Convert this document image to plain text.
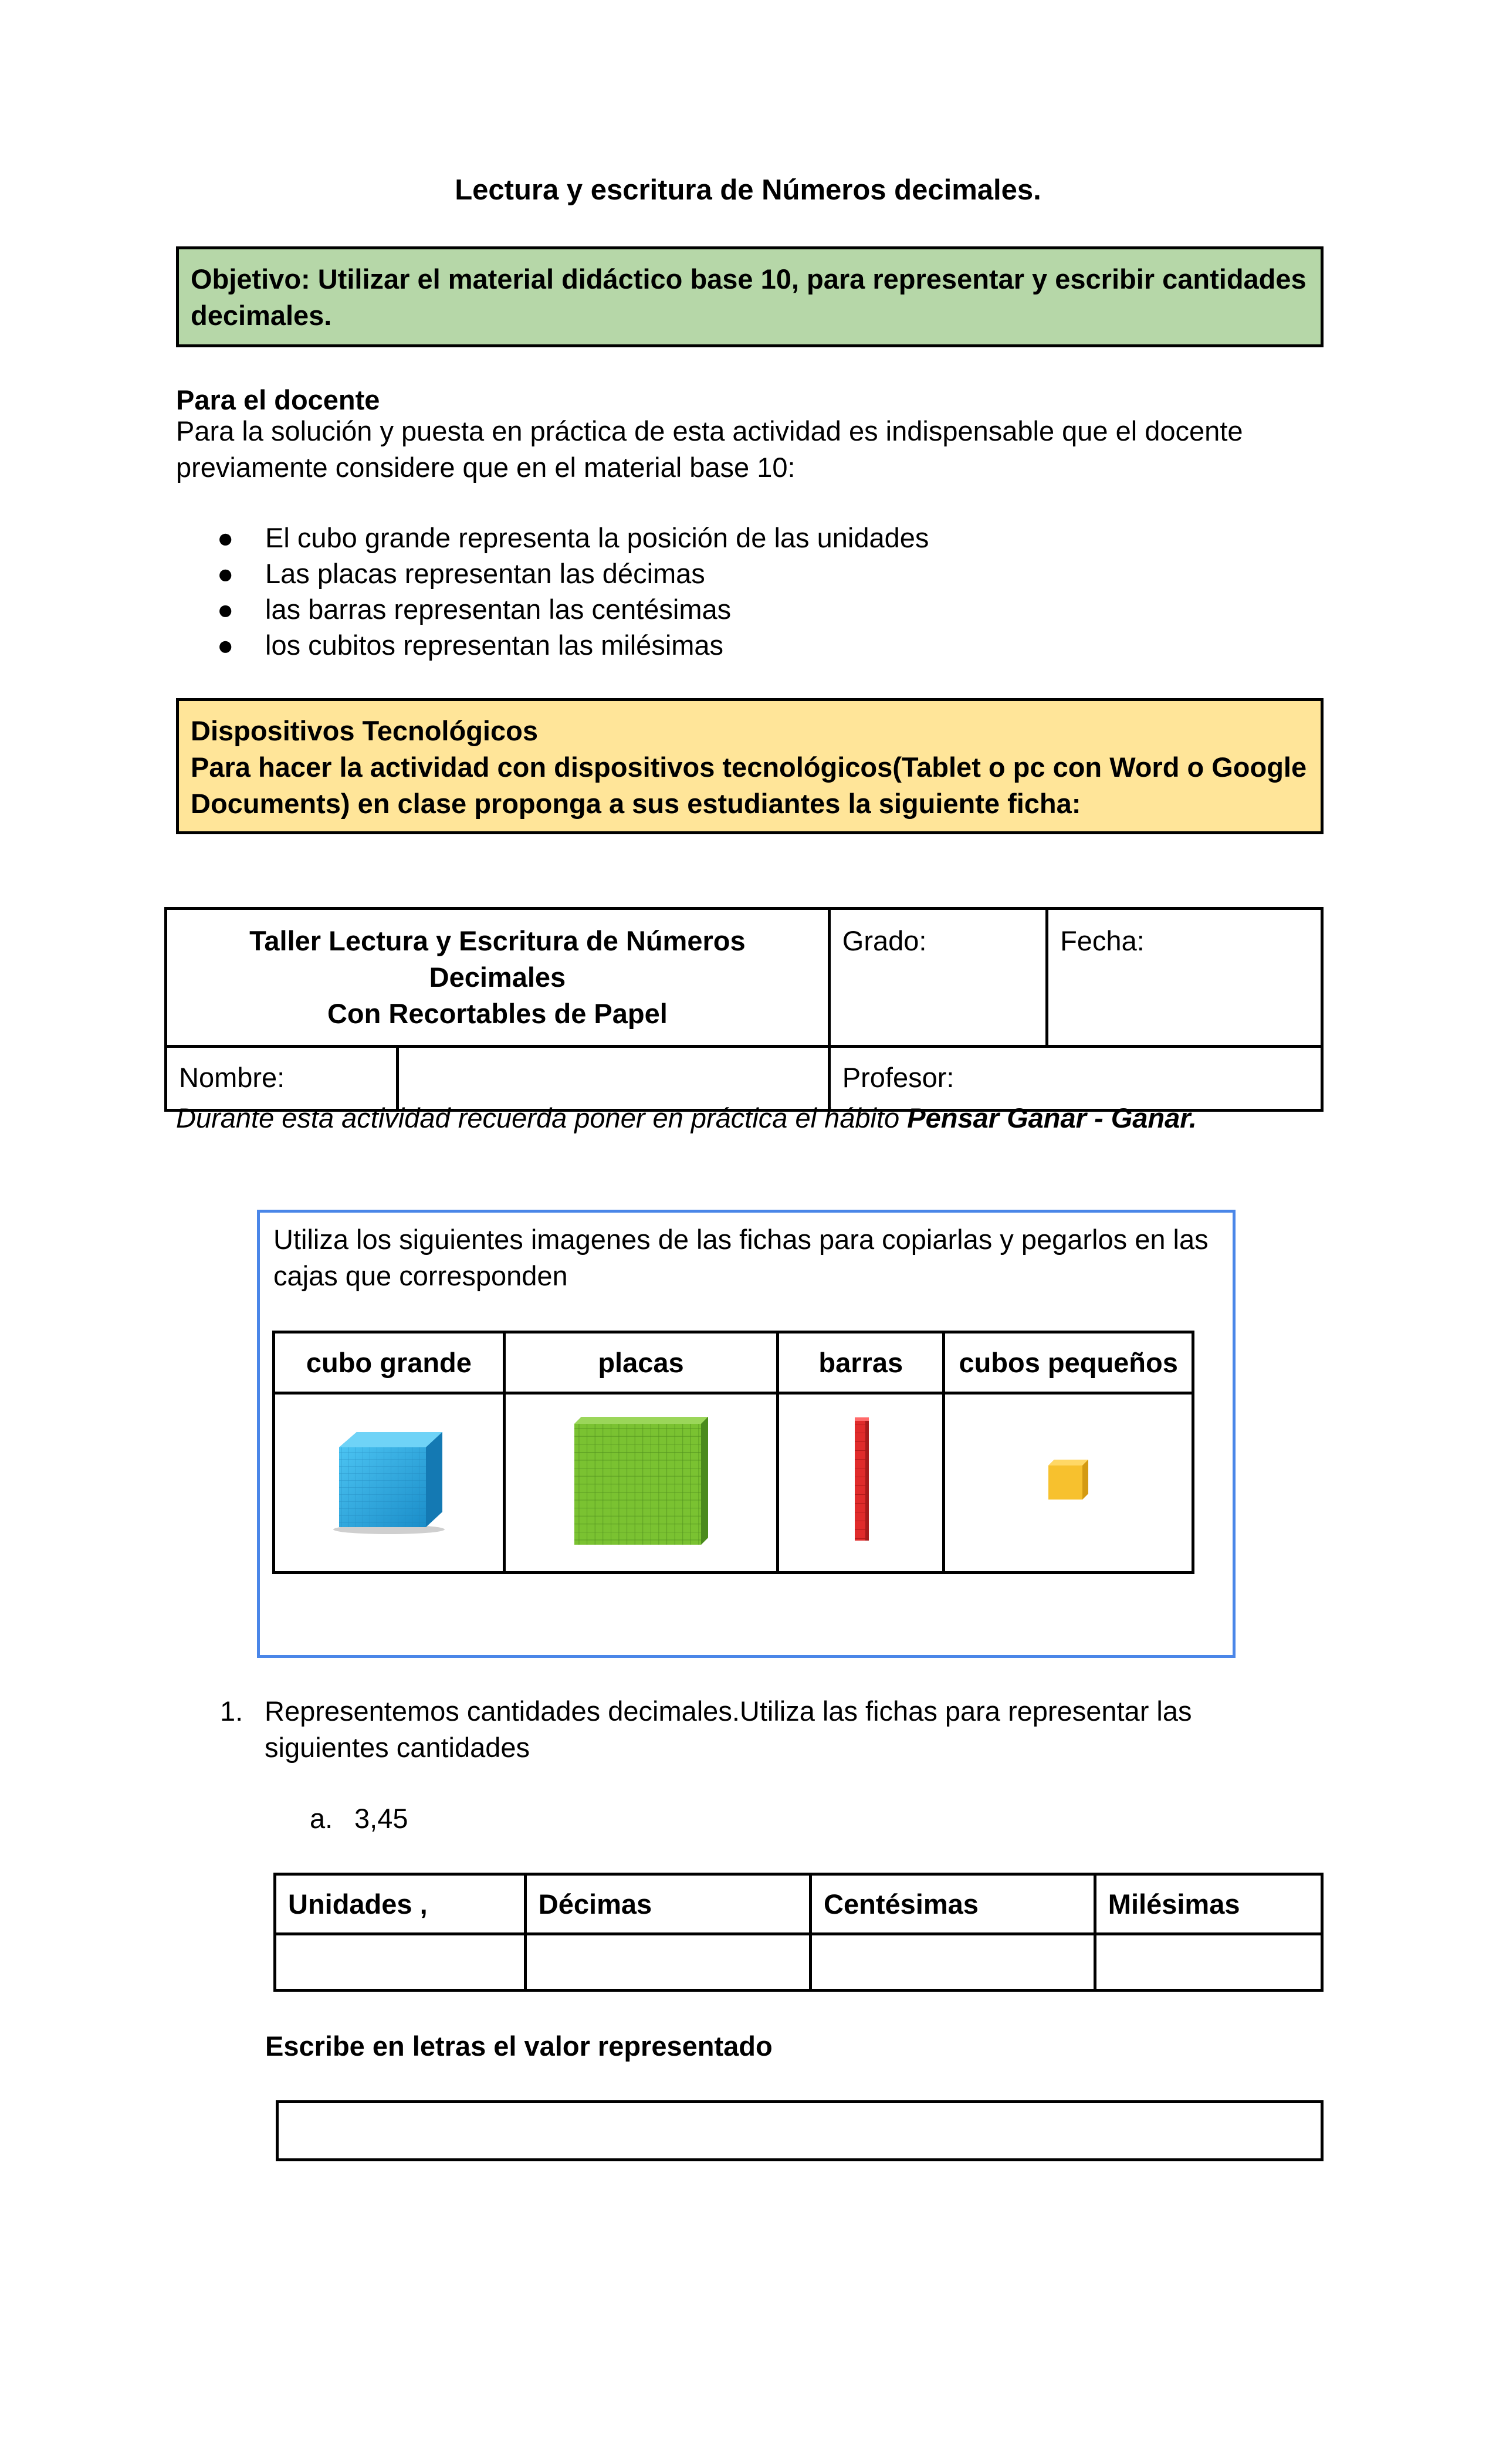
Lectura y escritura de Números decimales.
Objetivo: Utilizar el material didáctico base 10, para representar y escribir cantidades decimales.
Para el docente
Para la solución y puesta en práctica de esta actividad es indispensable que el docente previamente considere que en el material base 10:
● El cubo grande representa la posición de las unidades
● Las placas representan las décimas
● las barras representan las centésimas
● los cubitos representan las milésimas
Dispositivos Tecnológicos
Para hacer la actividad con dispositivos tecnológicos(Tablet o pc con Word o Google Documents) en clase proponga a sus estudiantes la siguiente ficha:
Taller Lectura y Escritura de Números Decimales
Con Recortables de Papel		Grado:	Fecha:
Nombre:		Profesor:	
Durante esta actividad recuerda poner en práctica el hábito Pensar Ganar - Ganar.
Utiliza los siguientes imagenes de las fichas para copiarlas y pegarlos en las cajas que corresponden
cubo grande	placas	barras	cubos pequeños

1. Representemos cantidades decimales.Utiliza las fichas para representar las siguientes cantidades
a. 3,45
Unidades ,	Décimas	Centésimas	Milésimas

Escribe en letras el valor representado
